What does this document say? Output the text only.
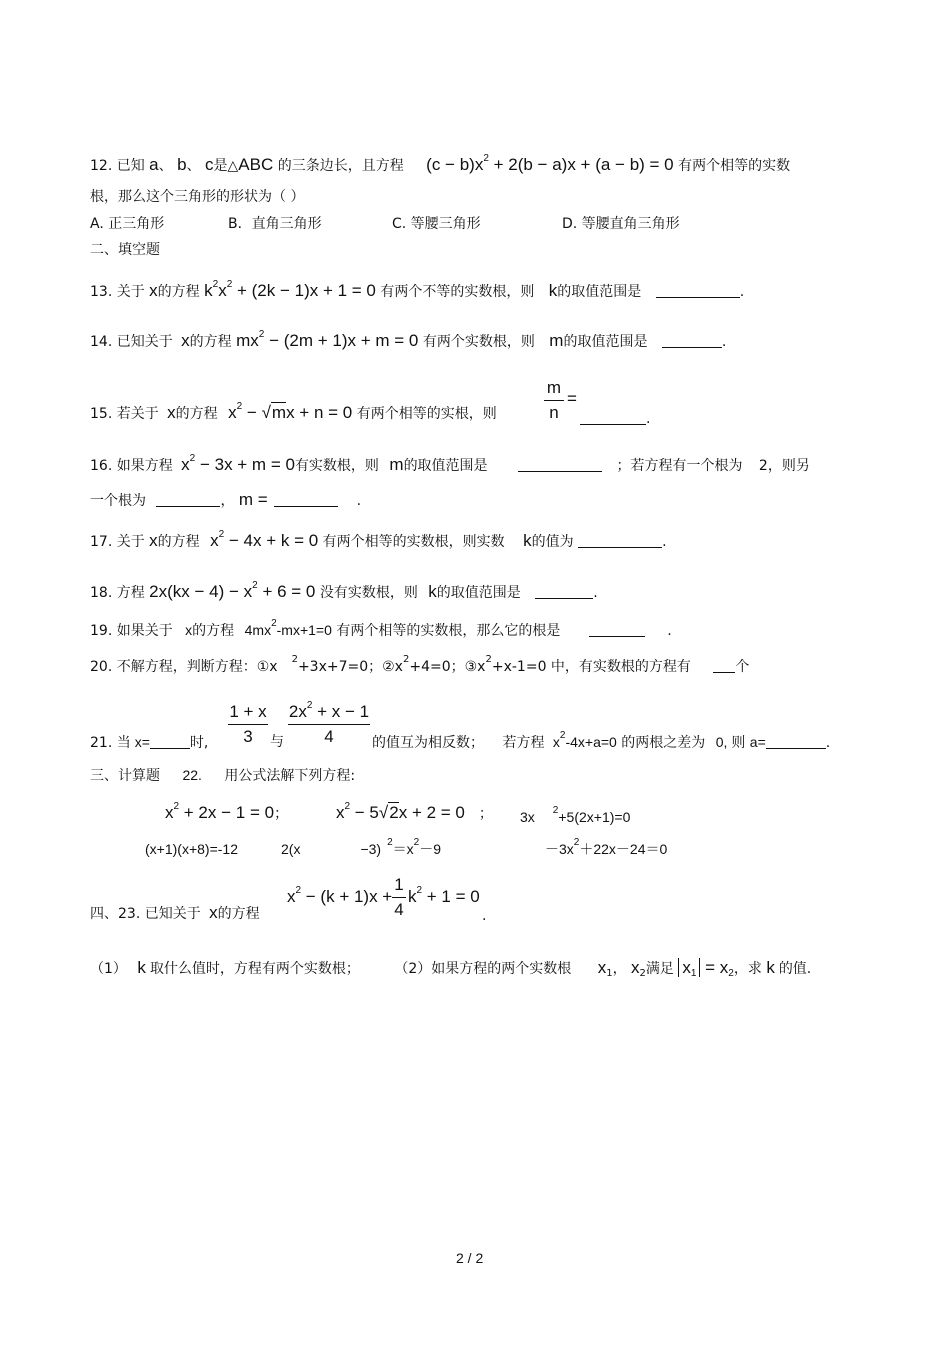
12. 已知 a、 b、 c是△ABC 的三条边长，且方程 $(c - b)x^2 + 2(b - a)x + (a - b) = 0$ 有两个相等的实数
根，那么这个三角形的形状为（ ）
A. 正三角形	B．直角三角形	C. 等腰三角形	D. 等腰直角三角形
二、填空题
13. 关于 x的方程 $k^2x^2 + (2k - 1)x + 1 = 0$ 有两个不等的实数根，则 k的取值范围是	.
14. 已知关于 x的方程 $mx^2 - (2m + 1)x + m = 0$ 有两个实数根，则 m的取值范围是	.
15. 若关于 x的方程 $x^2 - √mx + n = 0$ 有两个相等的实根，则
m
n
=
.
16. 如果方程 $x^2 - 3x + m = 0$有实数根，则 m的取值范围是	；若方程有一个根为 2，则另
一个根为	， m =	.
17. 关于 x的方程 $x^2 - 4x + k = 0$ 有两个相等的实数根，则实数 k的值为	.
18. 方程 $2x(kx - 4) - x^2 + 6 = 0$ 没有实数根，则 k的取值范围是	.
19. 如果关于 x的方程 $4mx^2-mx+1=0$ 有两个相等的实数根，那么它的根是	.
20. 不解方程，判断方程：①x $^2$+3x+7=0；$②x^2+4=0$；$③x^2+x-1=0$ 中，有实数根的方程有	个
1 + x
3
$2x^2 + x - 1$
4
21. 当 x=	时,	与	的值互为相反数； 若方程 $x^2-4x+a=0$ 的两根之差为 0, 则 a=	.
三、计算题 22. 用公式法解下列方程:
$x^2 + 2x - 1 = 0$；	$x^2 - 5√2x + 2 = 0$ ； 3x $^2$+5(2x+1)=0
(x+1)(x+8)=-12	2(x	−3) $^2=x^2-9$	$-3x^2+22x-24=0$
四、23. 已知关于 x的方程
$x^2 - (k + 1)x$ +
1
4
$k^2 + 1 = 0$
.
（1） k 取什么值时，方程有两个实数根； （2）如果方程的两个实数根 $x_1$， $x_2$满足 $x_1 = x_2$，求 k 的值.
2 / 2
